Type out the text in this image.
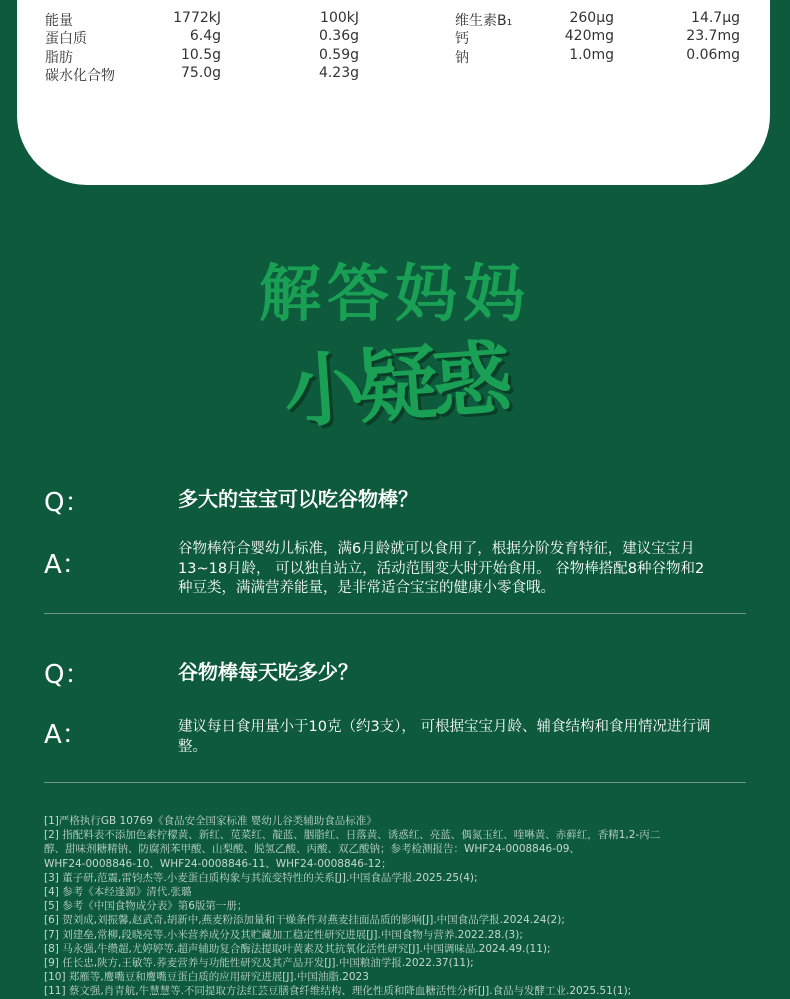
能量	1772kJ	100kJ
蛋白质	6.4g	0.36g
脂肪	10.5g	0.59g
碳水化合物	75.0g	4.23g
维生素B₁	260μg	14.7μg
钙	420mg	23.7mg
钠	1.0mg	0.06mg
解答妈妈
小疑惑
Q：	多大的宝宝可以吃谷物棒？
A：
谷物棒符合婴幼儿标准，满6月龄就可以食用了，根据分阶发育特征，建议宝宝月13~18月龄， 可以独自站立，活动范围变大时开始食用。 谷物棒搭配8种谷物和2种豆类，满满营养能量，是非常适合宝宝的健康小零食哦。
Q：	谷物棒每天吃多少？
A：	建议每日食用量小于10克（约3支）， 可根据宝宝月龄、辅食结构和食用情况进行调整。
[1]严格执行GB 10769《食品安全国家标准 婴幼儿谷类辅助食品标准》
[2] 指配料表不添加色素柠檬黄、新红、苋菜红、靛蓝、胭脂红、日落黄、诱惑红、亮蓝、偶氮玉红、喹啉黄、赤藓红，香精1,2-丙二
醇、甜味剂糖精钠、防腐剂苯甲酸、山梨酸、脱氢乙酸、丙酸、双乙酸钠；参考检测报告：WHF24-0008846-09、
WHF24-0008846-10、WHF24-0008846-11、WHF24-0008846-12；
[3] 董子研,范震,雷钧杰等.小麦蛋白质构象与其流变特性的关系[J].中国食品学报.2025.25(4);
[4] 参考《本经逢源》清代.张璐
[5] 参考《中国食物成分表》第6版第一册；
[6] 贺刘成,刘振馨,赵武奇,胡新中,燕麦粉添加量和干燥条件对燕麦挂面品质的影响[J].中国食品学报.2024.24(2);
[7] 刘建垒,常柳,段晓亮等.小米营养成分及其贮藏加工稳定性研究进展[J].中国食物与营养.2022.28.(3);
[8] 马永强,牛缵超,尤婷婷等.超声辅助复合酶法提取叶黄素及其抗氧化活性研究[J].中国调味品.2024.49.(11);
[9] 任长忠,陕方,王敏等.荞麦营养与功能性研究及其产品开发[J].中国粮油学报.2022.37(11);
[10] 郑雁等,鹰嘴豆和鹰嘴豆蛋白质的应用研究进展[J].中国油脂.2023
[11] 蔡文强,肖青航,牛慧慧等.不同提取方法红芸豆膳食纤维结构、理化性质和降血糖活性分析[J].食品与发酵工业.2025.51(1);
